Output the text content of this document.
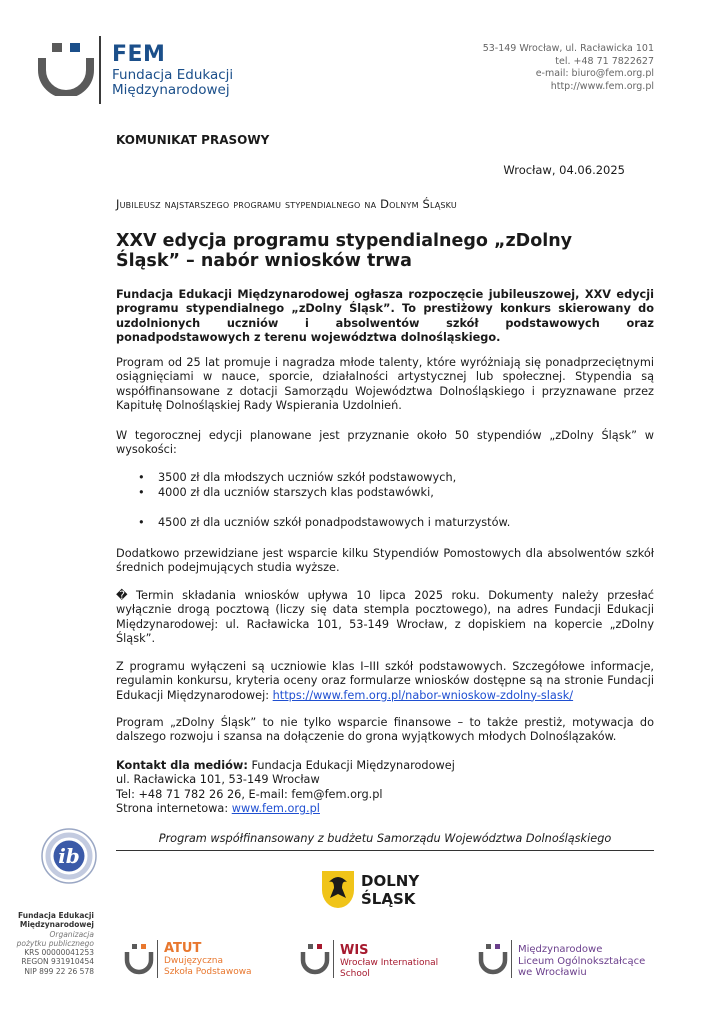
FEM
Fundacja Edukacji
Międzynarodowej
53-149 Wrocław, ul. Racławicka 101
tel. +48 71 7822627
e-mail: biuro@fem.org.pl
http://www.fem.org.pl
KOMUNIKAT PRASOWY
Wrocław, 04.06.2025
Jubileusz najstarszego programu stypendialnego na Dolnym Śląsku
XXV edycja programu stypendialnego „zDolny Śląsk” – nabór wniosków trwa
Fundacja Edukacji Międzynarodowej ogłasza rozpoczęcie jubileuszowej, XXV edycji programu stypendialnego „zDolny Śląsk”. To prestiżowy konkurs skierowany do uzdolnionych uczniów i absolwentów szkół podstawowych oraz ponadpodstawowych z terenu województwa dolnośląskiego.
Program od 25 lat promuje i nagradza młode talenty, które wyróżniają się ponadprzeciętnymi osiągnięciami w nauce, sporcie, działalności artystycznej lub społecznej. Stypendia są współfinansowane z dotacji Samorządu Województwa Dolnośląskiego i przyznawane przez Kapitułę Dolnośląskiej Rady Wspierania Uzdolnień.
W tegorocznej edycji planowane jest przyznanie około 50 stypendiów „zDolny Śląsk” w wysokości:
• 3500 zł dla młodszych uczniów szkół podstawowych,
• 4000 zł dla uczniów starszych klas podstawówki,
• 4500 zł dla uczniów szkół ponadpodstawowych i maturzystów.
Dodatkowo przewidziane jest wsparcie kilku Stypendiów Pomostowych dla absolwentów szkół średnich podejmujących studia wyższe.
� Termin składania wniosków upływa 10 lipca 2025 roku. Dokumenty należy przesłać wyłącznie drogą pocztową (liczy się data stempla pocztowego), na adres Fundacji Edukacji Międzynarodowej: ul. Racławicka 101, 53-149 Wrocław, z dopiskiem na kopercie „zDolny Śląsk”.
Z programu wyłączeni są uczniowie klas I–III szkół podstawowych. Szczegółowe informacje, regulamin konkursu, kryteria oceny oraz formularze wniosków dostępne są na stronie Fundacji Edukacji Międzynarodowej: https://www.fem.org.pl/nabor-wnioskow-zdolny-slask/
Program „zDolny Śląsk” to nie tylko wsparcie finansowe – to także prestiż, motywacja do dalszego rozwoju i szansa na dołączenie do grona wyjątkowych młodych Dolnoślązaków.
Kontakt dla mediów: Fundacja Edukacji Międzynarodowej
ul. Racławicka 101, 53-149 Wrocław
Tel: +48 71 782 26 26, E-mail: fem@fem.org.pl
Strona internetowa: www.fem.org.pl
Program współfinansowany z budżetu Samorządu Województwa Dolnośląskiego
ib
DOLNY
ŚLĄSK
Fundacja Edukacji
Międzynarodowej
Organizacja
pożytku publicznego
KRS 00000041253
REGON 931910454
NIP 899 22 26 578
ATUT
Dwujęzyczna
Szkoła Podstawowa
WIS
Wrocław International
School
Międzynarodowe
Liceum Ogólnokształcące
we Wrocławiu
